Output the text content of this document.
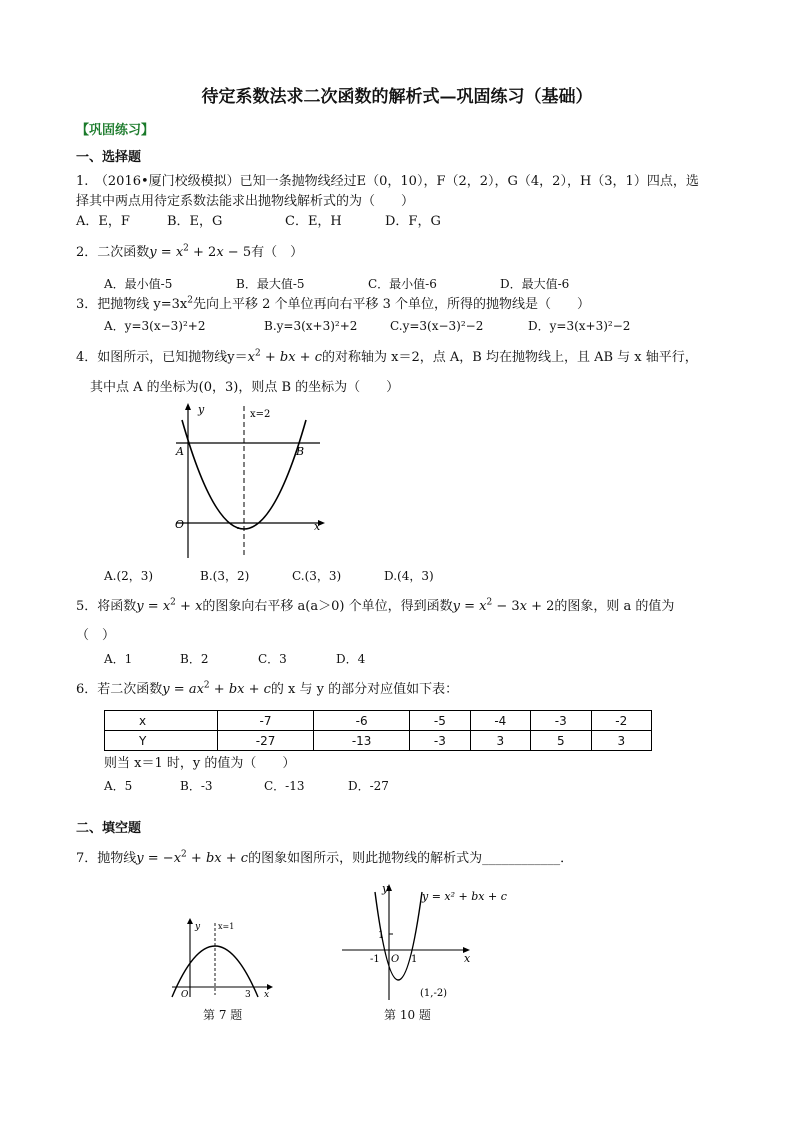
待定系数法求二次函数的解析式—巩固练习（基础）
【巩固练习】
一、选择题
1.　（2016•厦门校级模拟）已知一条抛物线经过E（0，10），F（2，2），G（4，2），H（3，1）四点，选
择其中两点用待定系数法能求出抛物线解析式的为（　　）
A．E，F	B．E，G	C．E，H	D．F，G
2．二次函数$y = x^2 + 2x - 5$有（　）
A．最小值-5	B．最大值-5	C．最小值-6	D．最大值-6
3．把抛物线 $y=3x^2$先向上平移 2 个单位再向右平移 3 个单位，所得的抛物线是（　　）
A．y=3(x−3)²+2	B.y=3(x+3)²+2	C.y=3(x−3)²−2	D．y=3(x+3)²−2
4．如图所示，已知抛物线$y=x^2$ + bx + c的对称轴为 x＝2，点 A，B 均在抛物线上，且 AB 与 x 轴平行，
其中点 A 的坐标为(0，3)，则点 B 的坐标为（　　）
y	x=2
A	B
O	x
A.(2，3)	B.(3，2)	C.(3，3)	D.(4，3)
5．将函数$y = x^2 + x$的图象向右平移 a(a＞0) 个单位，得到函数$y = x^2 - 3x + 2$的图象，则 a 的值为
（　）
A．1	B．2	C．3	D．4
6．若二次函数$y = ax^2$ + bx + c的 x 与 y 的部分对应值如下表：
x	-7	-6	-5	-4	-3	-2
Y	-27	-13	-3	3	5	3
则当 x＝1 时，y 的值为（　　）
A．5	B．-3	C．-13	D．-27
二、填空题
7．抛物线$y = -x^2$ + bx + c的图象如图所示，则此抛物线的解析式为____________．
y x=1
O	3 x
第 7 题
y
y = x² + bx + c
1
-1 O 1	x
(1,-2)
第 10 题
